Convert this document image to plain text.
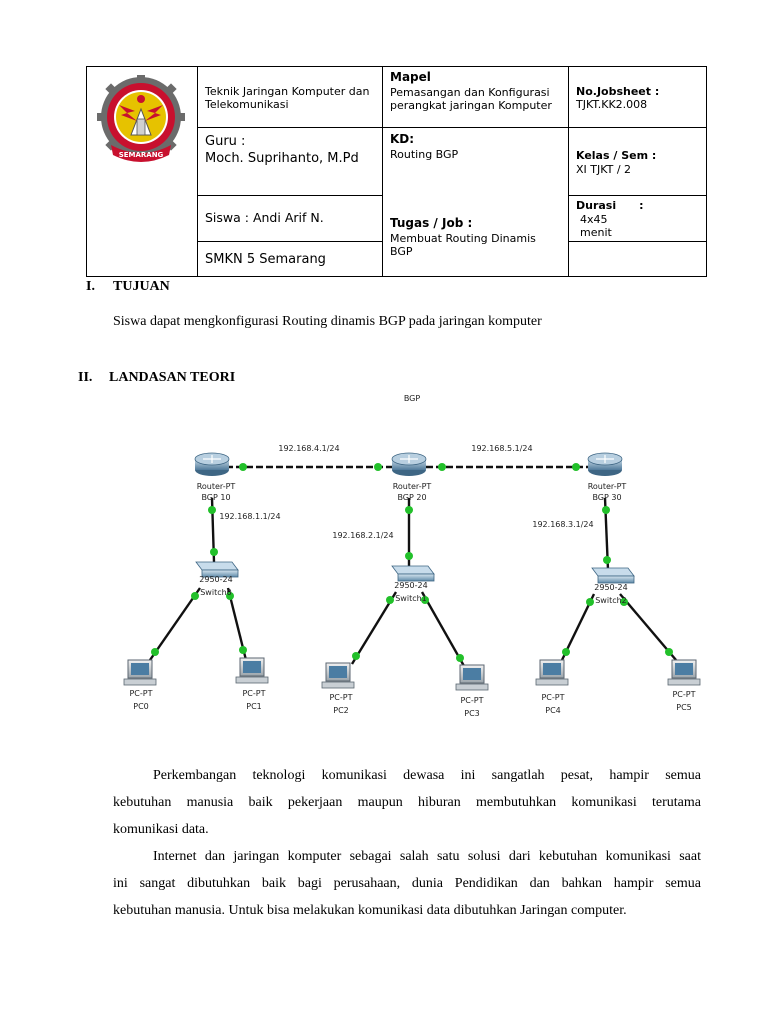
SEMARANG
Teknik Jaringan Komputer dan Telekomunikasi
Mapel
Pemasangan dan Konfigurasi perangkat jaringan Komputer
No.Jobsheet :
TJKT.KK2.008
Guru :
Moch. Suprihanto, M.Pd
KD:
Routing BGP	Kelas / Sem :
XI TJKT / 2
Siswa : Andi Arif N.
Durasi      :
4x45
menit
Tugas / Job :
Membuat Routing Dinamis BGP
SMKN 5 Semarang
I. TUJUAN
Siswa dapat mengkonfigurasi Routing dinamis BGP pada jaringan komputer
II. LANDASAN TEORI
BGP
192.168.4.1/24	192.168.5.1/24
192.168.1.1/24
192.168.2.1/24
192.168.3.1/24
Router-PT
BGP 10
Router-PT
BGP 20
Router-PT
BGP 30
2950-24
Switch0
2950-24
Switch1
2950-24
Switch2
PC-PT
PC0
PC-PT
PC1
PC-PT
PC2
PC-PT
PC3
PC-PT
PC4
PC-PT
PC5
Perkembangan teknologi komunikasi dewasa ini sangatlah pesat, hampir semua
kebutuhan manusia baik pekerjaan maupun hiburan membutuhkan komunikasi terutama
komunikasi data.
Internet dan jaringan komputer sebagai salah satu solusi dari kebutuhan komunikasi saat
ini sangat dibutuhkan baik bagi perusahaan, dunia Pendidikan dan bahkan hampir semua
kebutuhan manusia. Untuk bisa melakukan komunikasi data dibutuhkan Jaringan computer.
